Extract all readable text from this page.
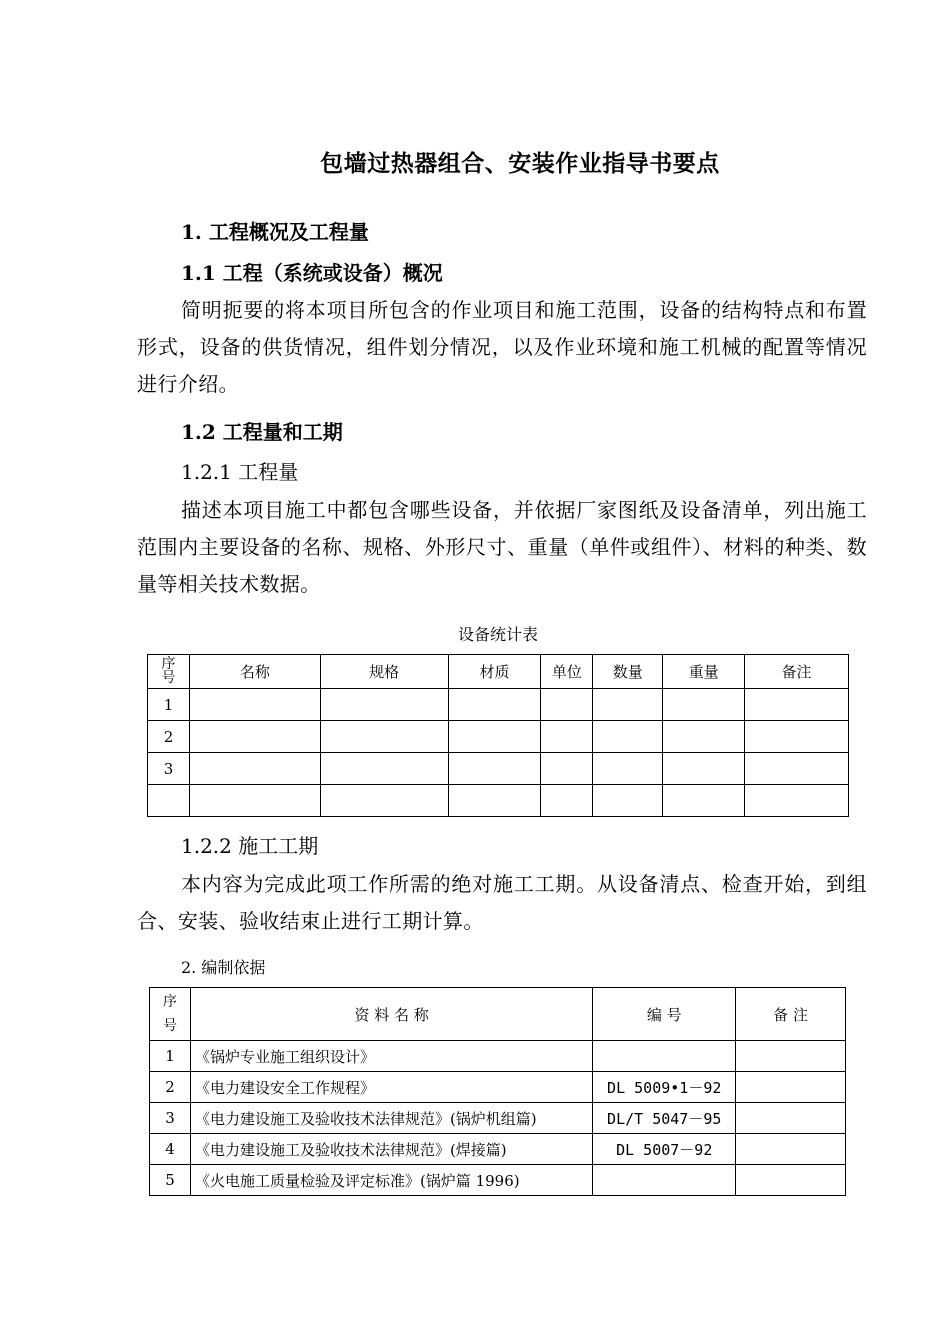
包墙过热器组合、安装作业指导书要点
1. 工程概况及工程量
1.1 工程（系统或设备）概况
简明扼要的将本项目所包含的作业项目和施工范围，设备的结构特点和布置形式，设备的供货情况，组件划分情况，以及作业环境和施工机械的配置等情况进行介绍。
1.2 工程量和工期
1.2.1 工程量
描述本项目施工中都包含哪些设备，并依据厂家图纸及设备清单，列出施工范围内主要设备的名称、规格、外形尺寸、重量（单件或组件）、材料的种类、数量等相关技术数据。
设备统计表
序
号	名称	规格	材质	单位	数量	重量	备注
1							
2							
3							

1.2.2 施工工期
本内容为完成此项工作所需的绝对施工工期。从设备清点、检查开始，到组合、安装、验收结束止进行工期计算。
2. 编制依据
序
号	资 料 名 称	编 号	备 注
1	《锅炉专业施工组织设计》		
2	《电力建设安全工作规程》	DL 5009•1－92	
3	《电力建设施工及验收技术法律规范》(锅炉机组篇)	DL/T 5047－95	
4	《电力建设施工及验收技术法律规范》(焊接篇)	DL 5007－92	
5	《火电施工质量检验及评定标准》(锅炉篇 1996)		
